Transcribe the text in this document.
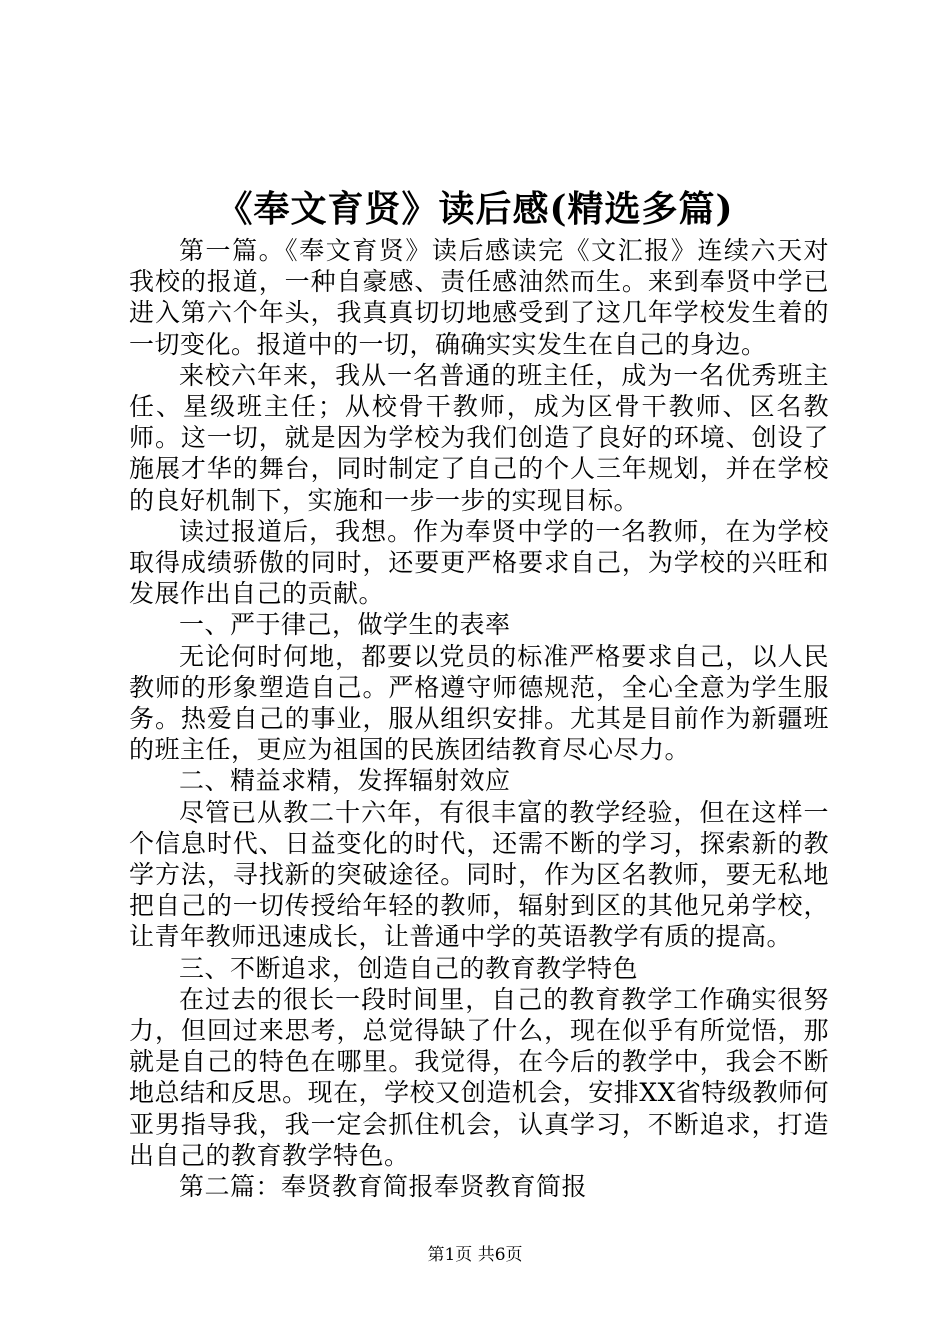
《奉文育贤》读后感(精选多篇)

第一篇。《奉文育贤》读后感读完《文汇报》连续六天对我校的报道，一种自豪感、责任感油然而生。来到奉贤中学已进入第六个年头，我真真切切地感受到了这几年学校发生着的一切变化。报道中的一切，确确实实发生在自己的身边。

来校六年来，我从一名普通的班主任，成为一名优秀班主任、星级班主任；从校骨干教师，成为区骨干教师、区名教师。这一切，就是因为学校为我们创造了良好的环境、创设了施展才华的舞台，同时制定了自己的个人三年规划，并在学校的良好机制下，实施和一步一步的实现目标。

读过报道后，我想。作为奉贤中学的一名教师，在为学校取得成绩骄傲的同时，还要更严格要求自己，为学校的兴旺和发展作出自己的贡献。

一、严于律己，做学生的表率

无论何时何地，都要以党员的标准严格要求自己，以人民教师的形象塑造自己。严格遵守师德规范，全心全意为学生服务。热爱自己的事业，服从组织安排。尤其是目前作为新疆班的班主任，更应为祖国的民族团结教育尽心尽力。

二、精益求精，发挥辐射效应

尽管已从教二十六年，有很丰富的教学经验，但在这样一个信息时代、日益变化的时代，还需不断的学习，探索新的教学方法，寻找新的突破途径。同时，作为区名教师，要无私地把自己的一切传授给年轻的教师，辐射到区的其他兄弟学校，让青年教师迅速成长，让普通中学的英语教学有质的提高。

三、不断追求，创造自己的教育教学特色

在过去的很长一段时间里，自己的教育教学工作确实很努力，但回过来思考，总觉得缺了什么，现在似乎有所觉悟，那就是自己的特色在哪里。我觉得，在今后的教学中，我会不断地总结和反思。现在，学校又创造机会，安排XX省特级教师何亚男指导我，我一定会抓住机会，认真学习，不断追求，打造出自己的教育教学特色。

第二篇：奉贤教育简报奉贤教育简报

第1页 共6页
